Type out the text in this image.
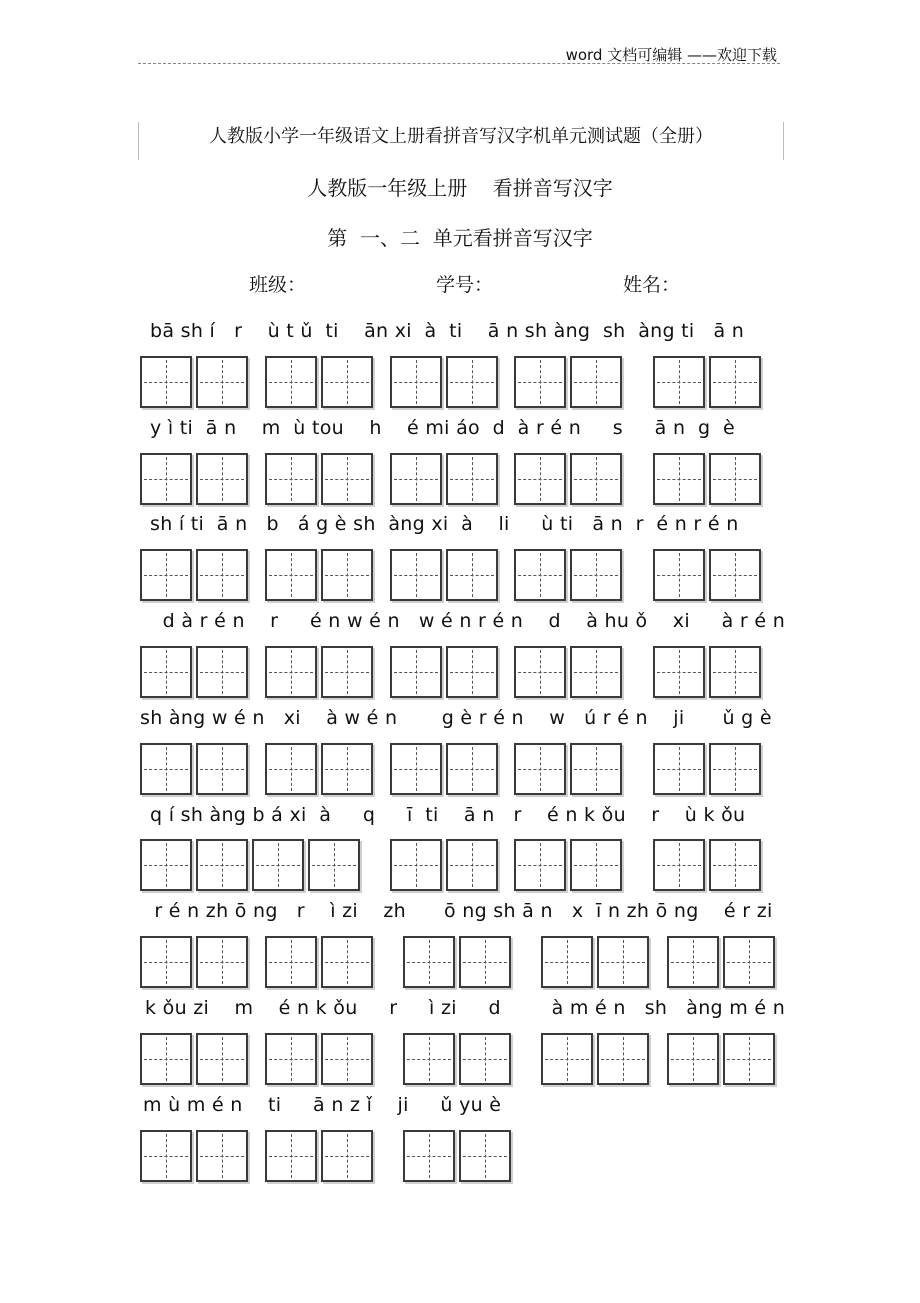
word 文档可编辑 ——欢迎下载
人教版小学一年级语文上册看拼音写汉字机单元测试题（全册）
人教版一年级上册    看拼音写汉字
第  一、二  单元看拼音写汉字
班级：	学号：	姓名：
bā sh í   r    ù t ǔ  ti    ān xi  à  ti    ā n sh àng  sh  àng ti   ā n
y ì ti  ā n    m  ù tou    h    é mi áo  d  à r é n     s     ā n  g  è
sh í ti  ā n   b   á g è sh  àng xi  à    li     ù ti   ā n  r  é n r é n
d à r é n    r     é n w é n   w é n r é n    d    à hu ǒ    xi     à r é n
sh àng w é n   xi    à w é n       g è r é n    w   ú r é n    ji      ǔ g è
q í sh àng b á xi  à     q     ī  ti    ā n   r    é n k ǒu    r    ù k ǒu
r é n zh ō ng   r    ì zi    zh      ō ng sh ā n   x  ī n zh ō ng    é r zi
k ǒu zi    m    é n k ǒu     r     ì zi     d        à m é n   sh   àng m é n
m ù m é n    ti     ā n z ǐ    ji     ǔ yu è
